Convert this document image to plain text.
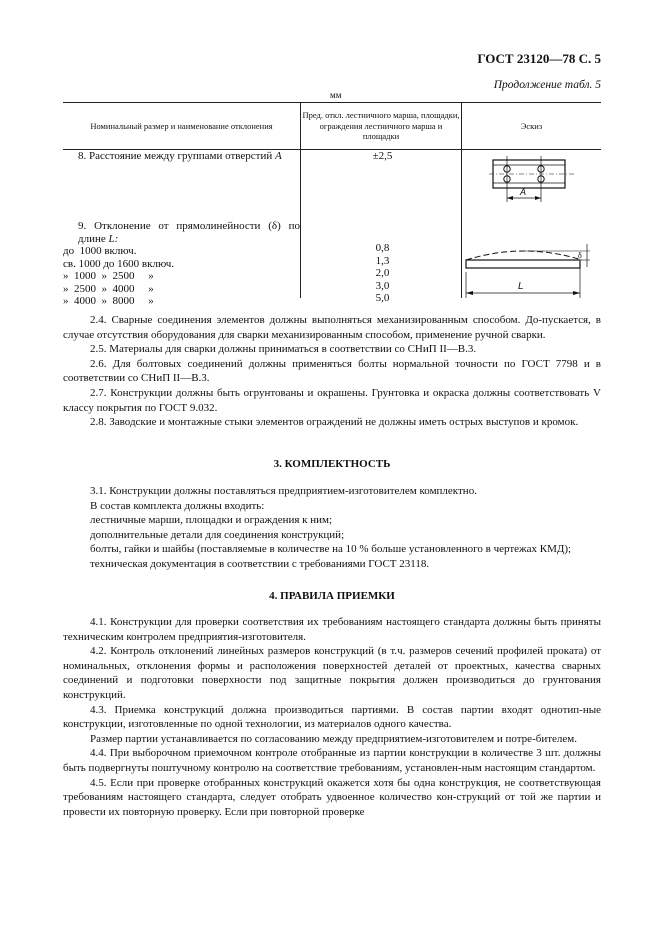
ГОСТ 23120—78 С. 5
Продолжение табл. 5
мм
Номинальный размер и наименование отклонения
Пред. откл. лестничного марша, площадки, ограждения лестничного марша и площадки
Эскиз
8. Расстояние между группами отверстий A	±2,5
A
9. Отклонение от прямолинейности (δ) по длине L:
до  1000 включ.
св. 1000 до 1600 включ.
»  1000  »  2500     »
»  2500  »  4000     »
»  4000  »  8000     »
0,8
1,3
2,0
3,0
5,0
L
δ

2.4. Сварные соединения элементов должны выполняться механизированным способом. До-пускается, в случае отсутствия оборудования для сварки механизированным способом, применение ручной сварки.

2.5. Материалы для сварки должны приниматься в соответствии со СНиП II—В.3.

2.6. Для болтовых соединений должны применяться болты нормальной точности по ГОСТ 7798 и в соответствии со СНиП II—В.3.

2.7. Конструкции должны быть огрунтованы и окрашены. Грунтовка и окраска должны соответствовать V классу покрытия по ГОСТ 9.032.

2.8. Заводские и монтажные стыки элементов ограждений не должны иметь острых выступов и кромок.

3. КОМПЛЕКТНОСТЬ

3.1. Конструкции должны поставляться предприятием-изготовителем комплектно.

В состав комплекта должны входить:

лестничные марши, площадки и ограждения к ним;

дополнительные детали для соединения конструкций;

болты, гайки и шайбы (поставляемые в количестве на 10 % больше установленного в чертежах КМД);

техническая документация в соответствии с требованиями ГОСТ 23118.

4. ПРАВИЛА ПРИЕМКИ

4.1. Конструкции для проверки соответствия их требованиям настоящего стандарта должны быть приняты техническим контролем предприятия-изготовителя.

4.2. Контроль отклонений линейных размеров конструкций (в т.ч. размеров сечений профилей проката) от номинальных, отклонения формы и расположения поверхностей деталей от проектных, качества сварных соединений и подготовки поверхности под защитные покрытия должен производиться до грунтования конструкций.

4.3. Приемка конструкций должна производиться партиями. В состав партии входят однотип-ные конструкции, изготовленные по одной технологии, из материалов одного качества.

Размер партии устанавливается по согласованию между предприятием-изготовителем и потре-бителем.

4.4. При выборочном приемочном контроле отобранные из партии конструкции в количестве 3 шт. должны быть подвергнуты поштучному контролю на соответствие требованиям, установлен-ным настоящим стандартом.

4.5. Если при проверке отобранных конструкций окажется хотя бы одна конструкция, не соответствующая требованиям настоящего стандарта, следует отобрать удвоенное количество кон-струкций от той же партии и провести их повторную проверку. Если при повторной проверке
